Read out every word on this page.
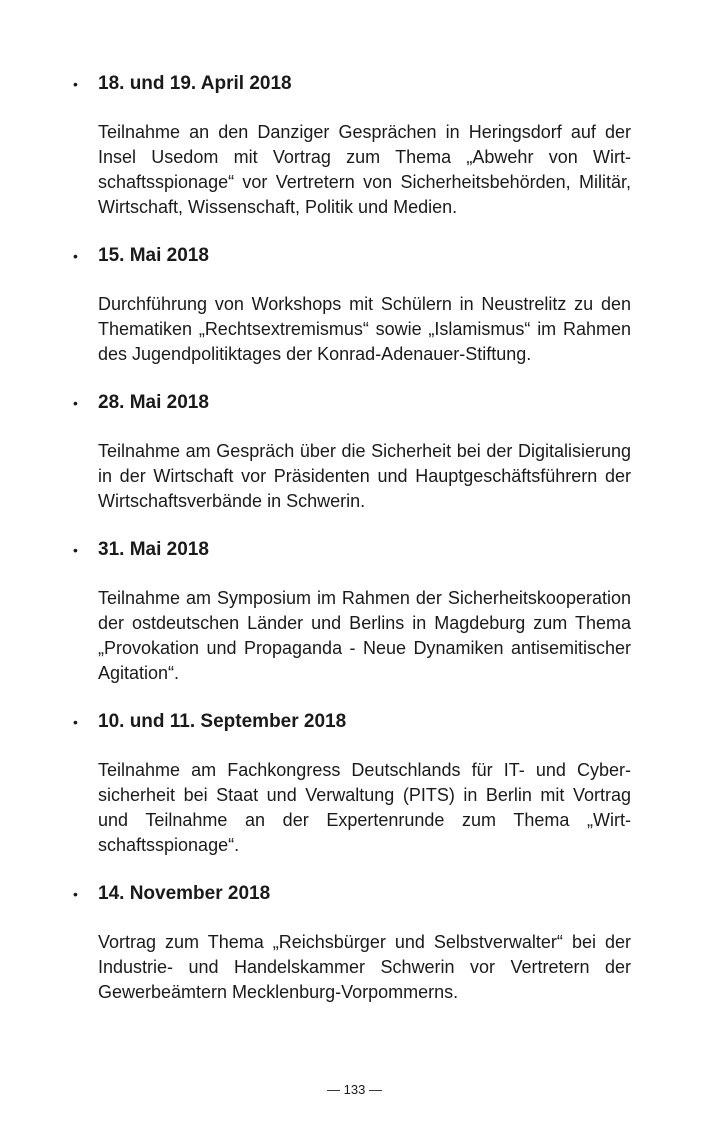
• 18. und 19. April 2018
Teilnahme an den Danziger Gesprächen in Heringsdorf auf der Insel Usedom mit Vortrag zum Thema „Abwehr von Wirtschaftsspionage“ vor Vertretern von Sicherheitsbehörden, Militär, Wirtschaft, Wissenschaft, Politik und Medien.
• 15. Mai 2018
Durchführung von Workshops mit Schülern in Neustrelitz zu den Thematiken „Rechtsextremismus“ sowie „Islamismus“ im Rahmen des Jugendpolitiktages der Konrad-Adenauer-Stiftung.
• 28. Mai 2018
Teilnahme am Gespräch über die Sicherheit bei der Digitalisierung in der Wirtschaft vor Präsidenten und Hauptgeschäftsführern der Wirtschaftsverbände in Schwerin.
• 31. Mai 2018
Teilnahme am Symposium im Rahmen der Sicherheitskooperation der ostdeutschen Länder und Berlins in Magdeburg zum Thema „Provokation und Propaganda - Neue Dynamiken antisemitischer Agitation“.
• 10. und 11. September 2018
Teilnahme am Fachkongress Deutschlands für IT- und Cybersicherheit bei Staat und Verwaltung (PITS) in Berlin mit Vortrag und Teilnahme an der Expertenrunde zum Thema „Wirtschaftsspionage“.
• 14. November 2018
Vortrag zum Thema „Reichsbürger und Selbstverwalter“ bei der Industrie- und Handelskammer Schwerin vor Vertretern der Gewerbeämtern Mecklenburg-Vorpommerns.
— 133 —
